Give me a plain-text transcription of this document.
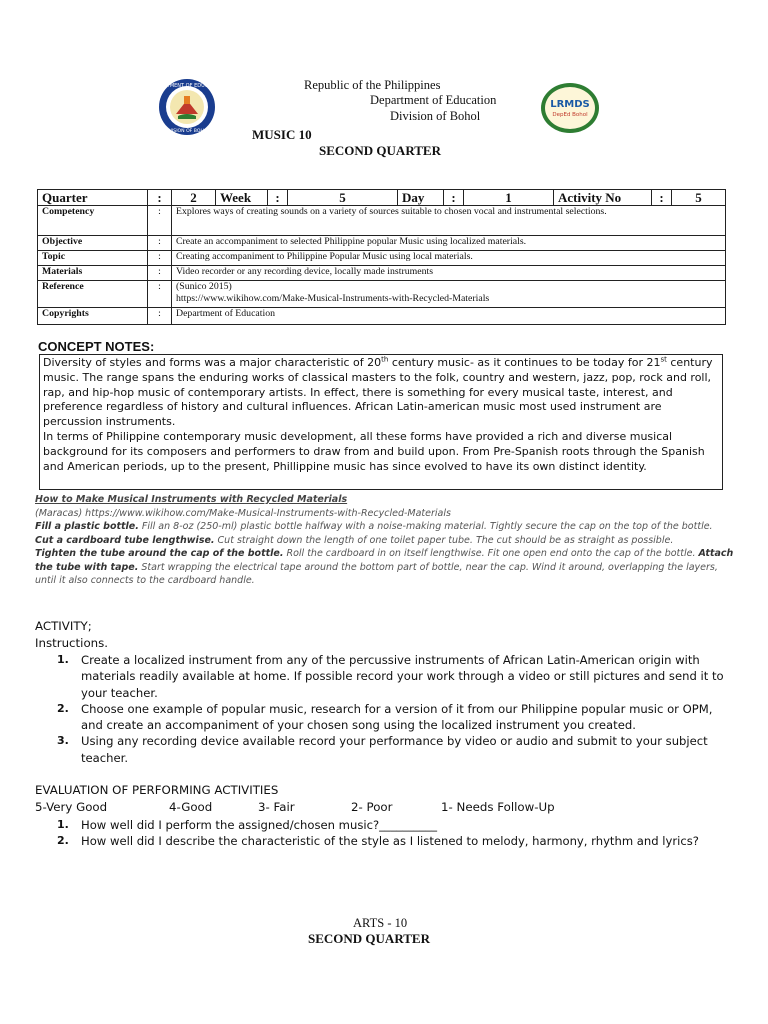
DEPARTMENT OF EDUCATION
DIVISION OF BOHOL
LRMDS
DepEd Bohol
Republic of the Philippines
Department of Education
Division of Bohol
MUSIC 10
SECOND QUARTER
Quarter	:	2	Week	:	5	Day	:	1	Activity No	:	5
Competency	:	Explores ways of creating sounds on a variety of sources suitable to chosen vocal and instrumental selections.									
Objective	:	Create an accompaniment to selected Philippine popular Music using localized materials.									
Topic	:	Creating accompaniment to Philippine Popular Music using local materials.									
Materials	:	Video recorder or any recording device, locally made instruments									
Reference	:	(Sunico 2015)
https://www.wikihow.com/Make-Musical-Instruments-with-Recycled-Materials									

Copyrights	:	Department of Education									
CONCEPT NOTES:

Diversity of styles and forms was a major characteristic of 20th century music- as it continues to be today for 21st century music. The range spans the enduring works of classical masters to the folk, country and western, jazz, pop, rock and roll, rap, and hip-hop music of contemporary artists. In effect, there is something for every musical taste, interest, and preference regardless of history and cultural influences. African Latin-american music most used instrument are percussion instruments.

In terms of Philippine contemporary music development, all these forms have provided a rich and diverse musical background for its composers and performers to draw from and build upon. From Pre-Spanish roots through the Spanish and American periods, up to the present, Phillippine music has since evolved to have its own distinct identity.

How to Make Musical Instruments with Recycled Materials
(Maracas) https://www.wikihow.com/Make-Musical-Instruments-with-Recycled-Materials
Fill a plastic bottle. Fill an 8-oz (250-ml) plastic bottle halfway with a noise-making material. Tightly secure the cap on the top of the bottle.
Cut a cardboard tube lengthwise. Cut straight down the length of one toilet paper tube. The cut should be as straight as possible.
Tighten the tube around the cap of the bottle. Roll the cardboard in on itself lengthwise. Fit one open end onto the cap of the bottle. Attach the tube with tape. Start wrapping the electrical tape around the bottom part of bottle, near the cap. Wind it around, overlapping the layers, until it also connects to the cardboard handle.
ACTIVITY;
Instructions.
1. Create a localized instrument from any of the percussive instruments of African Latin-American origin with materials readily available at home. If possible record your work through a video or still pictures and send it to your teacher.
2. Choose one example of popular music, research for a version of it from our Philippine popular music or OPM, and create an accompaniment of your chosen song using the localized instrument you created.
3. Using any recording device available record your performance by video or audio and submit to your subject teacher.
EVALUATION OF PERFORMING ACTIVITIES
5-Very Good	4-Good	3- Fair	2- Poor	1- Needs Follow-Up
1. How well did I perform the assigned/chosen music?__________
2. How well did I describe the characteristic of the style as I listened to melody, harmony, rhythm and lyrics?
ARTS - 10
SECOND QUARTER
